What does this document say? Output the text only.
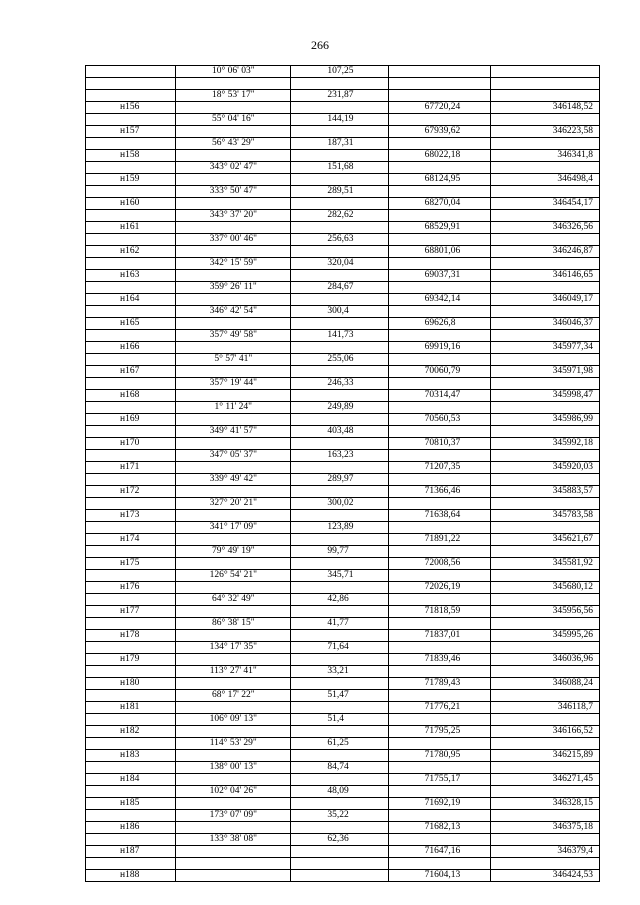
266

	10° 06' 03"	107,25		

н156	18° 53' 17"	231,87	67720,24	346148,52

н157	55° 04' 16"	144,19	67939,62	346223,58

н158	56° 43' 29"	187,31	68022,18	346341,8

н159	343° 02' 47"	151,68	68124,95	346498,4

н160	333° 50' 47"	289,51	68270,04	346454,17

н161	343° 37' 20"	282,62	68529,91	346326,56

н162	337° 00' 46"	256,63	68801,06	346246,87

н163	342° 15' 59"	320,04	69037,31	346146,65

н164	359° 26' 11"	284,67	69342,14	346049,17

н165	346° 42' 54"	300,4	69626,8	346046,37

н166	357° 49' 58"	141,73	69919,16	345977,34

н167	5° 57' 41"	255,06	70060,79	345971,98

н168	357° 19' 44"	246,33	70314,47	345998,47

н169	1° 11' 24"	249,89	70560,53	345986,99

н170	349° 41' 57"	403,48	70810,37	345992,18

н171	347° 05' 37"	163,23	71207,35	345920,03

н172	339° 49' 42"	289,97	71366,46	345883,57

н173	327° 20' 21"	300,02	71638,64	345783,58

н174	341° 17' 09"	123,89	71891,22	345621,67

н175	79° 49' 19"	99,77	72008,56	345581,92

н176	126° 54' 21"	345,71	72026,19	345680,12

н177	64° 32' 49"	42,86	71818,59	345956,56

н178	86° 38' 15"	41,77	71837,01	345995,26

н179	134° 17' 35"	71,64	71839,46	346036,96

н180	113° 27' 41"	33,21	71789,43	346088,24

н181	68° 17' 22"	51,47	71776,21	346118,7

н182	106° 09' 13"	51,4	71795,25	346166,52

н183	114° 53' 29"	61,25	71780,95	346215,89

н184	138° 00' 13"	84,74	71755,17	346271,45

н185	102° 04' 26"	48,09	71692,19	346328,15

н186	173° 07' 09"	35,22	71682,13	346375,18

н187	133° 38' 08"	62,36	71647,16	346379,4

н188			71604,13	346424,53
